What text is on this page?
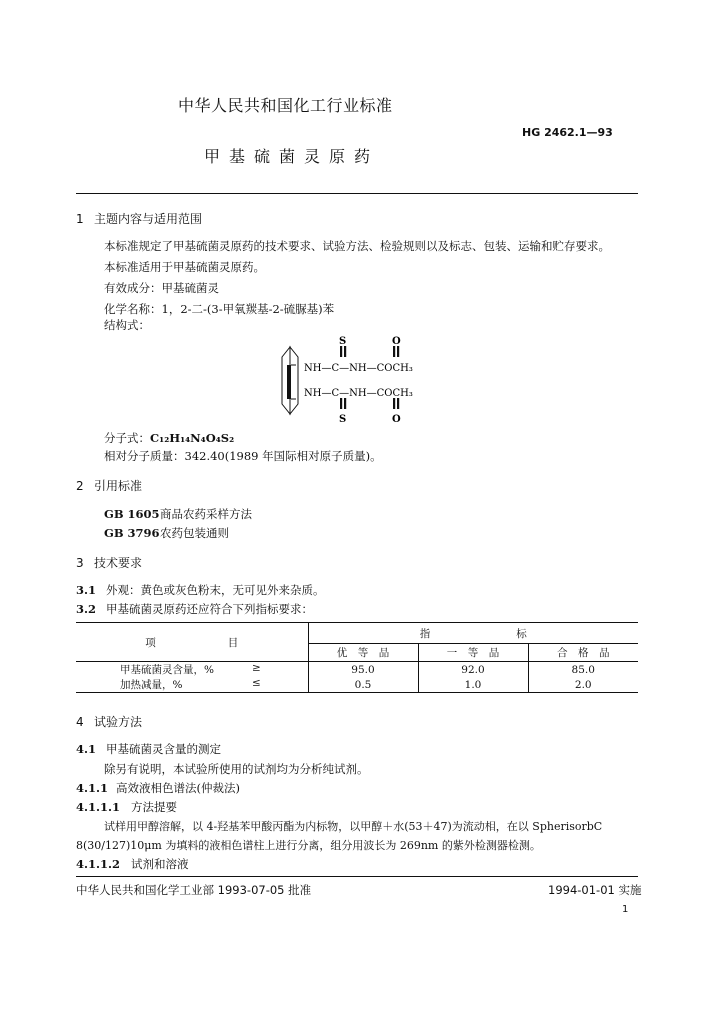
中华人民共和国化工行业标准
HG 2462.1—93
甲基硫菌灵原药
1 主题内容与适用范围
本标准规定了甲基硫菌灵原药的技术要求、试验方法、检验规则以及标志、包装、运输和贮存要求。
本标准适用于甲基硫菌灵原药。
有效成分：甲基硫菌灵
化学名称：1，2-二-(3-甲氧羰基-2-硫脲基)苯
结构式：
S	O
NH—C—NH—COCH₃
NH—C—NH—COCH₃
S	O
分子式：C₁₂H₁₄N₄O₄S₂
相对分子质量：342.40(1989 年国际相对原子质量)。
2 引用标准
GB 1605商品农药采样方法
GB 3796农药包装通则
3 技术要求
3.1 外观：黄色或灰色粉末，无可见外来杂质。
3.2 甲基硫菌灵原药还应符合下列指标要求：
项 目	指 标		
	优　等　品	一　等　品	合　格　品
甲基硫菌灵含量，% ≥	95.0	92.0	85.0
加热减量，% ≤	0.5	1.0	2.0
4 试验方法
4.1 甲基硫菌灵含量的测定
除另有说明，本试验所使用的试剂均为分析纯试剂。
4.1.1 高效液相色谱法(仲裁法)
4.1.1.1 方法提要
试样用甲醇溶解，以 4-羟基苯甲酸丙酯为内标物，以甲醇＋水(53＋47)为流动相，在以 SpherisorbC
8(30/127)10μm 为填料的液相色谱柱上进行分离，组分用波长为 269nm 的紫外检测器检测。
4.1.1.2 试剂和溶液
中华人民共和国化学工业部 1993-07-05 批准	1994-01-01 实施
1
